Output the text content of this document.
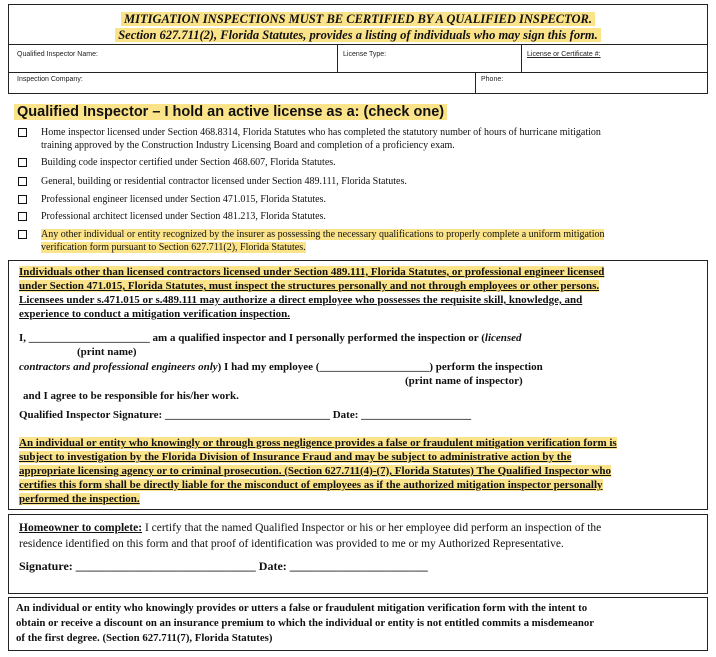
MITIGATION INSPECTIONS MUST BE CERTIFIED BY A QUALIFIED INSPECTOR.
Section 627.711(2), Florida Statutes, provides a listing of individuals who may sign this form.
Qualified Inspector Name:	License Type:	License or Certificate #:
Inspection Company:	Phone:
Qualified Inspector – I hold an active license as a: (check one)
Home inspector licensed under Section 468.8314, Florida Statutes who has completed the statutory number of hours of hurricane mitigation
training approved by the Construction Industry Licensing Board and completion of a proficiency exam.
Building code inspector certified under Section 468.607, Florida Statutes.
General, building or residential contractor licensed under Section 489.111, Florida Statutes.
Professional engineer licensed under Section 471.015, Florida Statutes.
Professional architect licensed under Section 481.213, Florida Statutes.
Any other individual or entity recognized by the insurer as possessing the necessary qualifications to properly complete a uniform mitigation
verification form pursuant to Section 627.711(2), Florida Statutes.
Individuals other than licensed contractors licensed under Section 489.111, Florida Statutes, or professional engineer licensed
under Section 471.015, Florida Statutes, must inspect the structures personally and not through employees or other persons.
Licensees under s.471.015 or s.489.111 may authorize a direct employee who possesses the requisite skill, knowledge, and
experience to conduct a mitigation verification inspection.
I, ______________________ am a qualified inspector and I personally performed the inspection or (licensed
(print name)
contractors and professional engineers only) I had my employee (____________________) perform the inspection
(print name of inspector)
and I agree to be responsible for his/her work.
Qualified Inspector Signature: ______________________________ Date: ____________________
An individual or entity who knowingly or through gross negligence provides a false or fraudulent mitigation verification form is
subject to investigation by the Florida Division of Insurance Fraud and may be subject to administrative action by the
appropriate licensing agency or to criminal prosecution. (Section 627.711(4)-(7), Florida Statutes) The Qualified Inspector who
certifies this form shall be directly liable for the misconduct of employees as if the authorized mitigation inspector personally
performed the inspection.
Homeowner to complete: I certify that the named Qualified Inspector or his or her employee did perform an inspection of the
residence identified on this form and that proof of identification was provided to me or my Authorized Representative.
Signature: ______________________________ Date: _______________________
An individual or entity who knowingly provides or utters a false or fraudulent mitigation verification form with the intent to
obtain or receive a discount on an insurance premium to which the individual or entity is not entitled commits a misdemeanor
of the first degree. (Section 627.711(7), Florida Statutes)
